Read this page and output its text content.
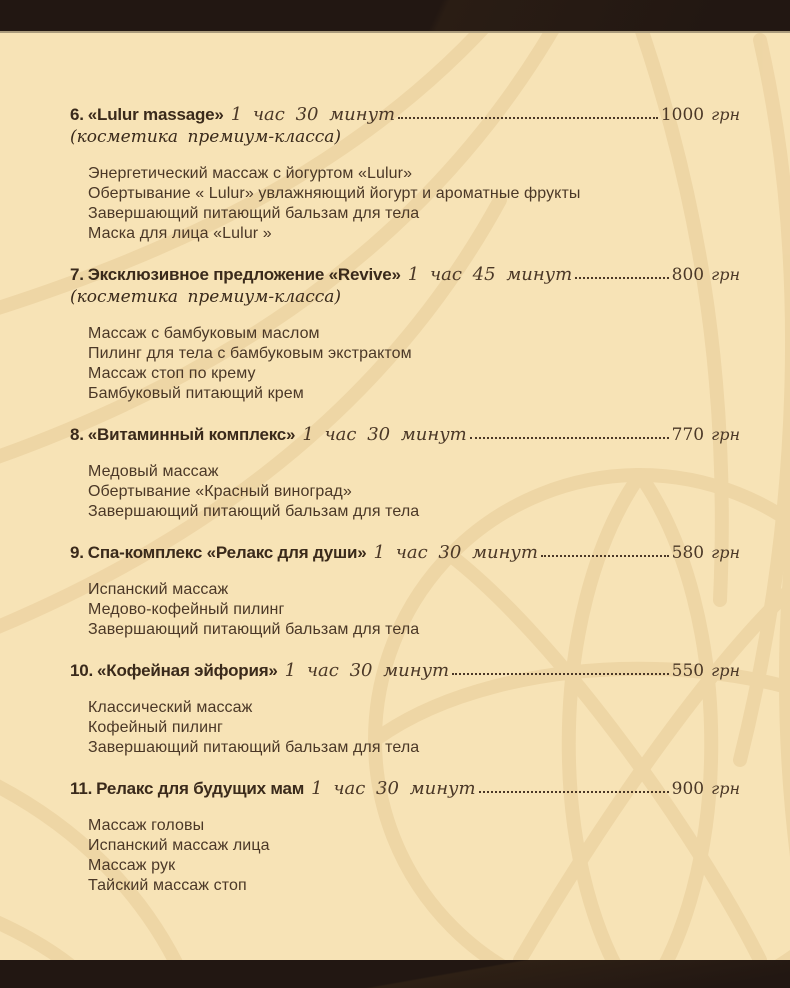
6. «Lulur massage» 1 час 30 минут	1000 грн
(косметика премиум-класса)
Энергетический массаж с йогуртом «Lulur»
Обертывание « Lulur» увлажняющий йогурт и ароматные фрукты
Завершающий питающий бальзам для тела
Маска для лица «Lulur »
7. Эксклюзивное предложение «Revive» 1 час 45 минут	800 грн
(косметика премиум-класса)
Массаж с бамбуковым маслом
Пилинг для тела с бамбуковым экстрактом
Массаж стоп по крему
Бамбуковый питающий крем
8. «Витаминный комплекс» 1 час 30 минут	770 грн
Медовый массаж
Обертывание «Красный виноград»
Завершающий питающий бальзам для тела
9. Спа-комплекс «Релакс для души» 1 час 30 минут	580 грн
Испанский массаж
Медово-кофейный пилинг
Завершающий питающий бальзам для тела
10. «Кофейная эйфория» 1 час 30 минут	550 грн
Классический массаж
Кофейный пилинг
Завершающий питающий бальзам для тела
11. Релакс для будущих мам 1 час 30 минут	900 грн
Массаж головы
Испанский массаж лица
Массаж рук
Тайский массаж стоп
